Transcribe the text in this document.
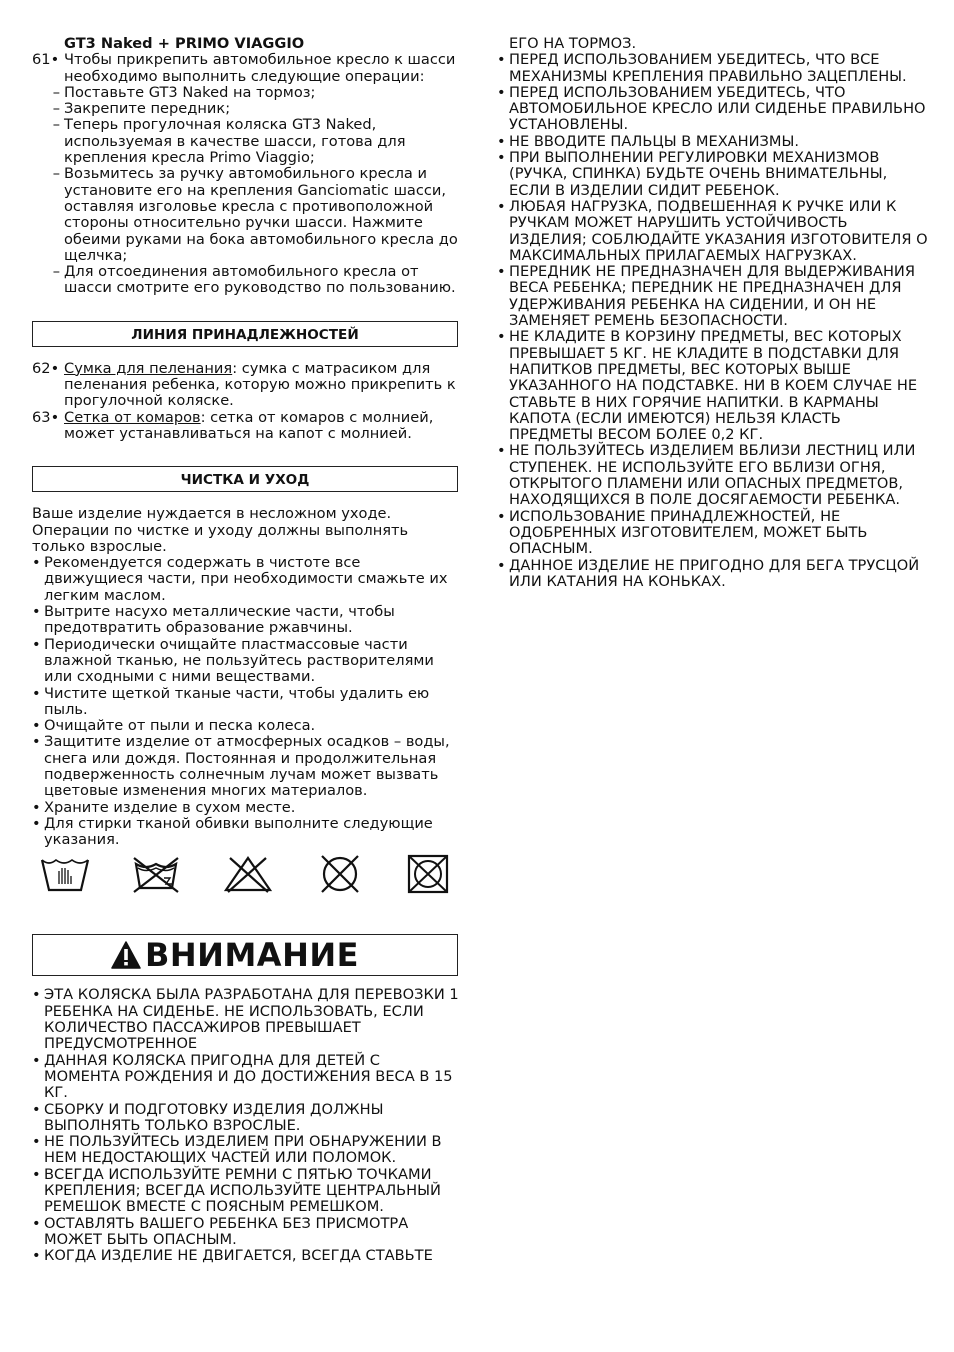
GT3 Naked + PRIMO VIAGGIO

61• Чтобы прикрепить автомобильное кресло к шасси необходимо выполнить следующие операции:
– Поставьте GT3 Naked на тормоз;
– Закрепите передник;
– Теперь прогулочная коляска GT3 Naked, используемая в качестве шасси, готова для крепления кресла Primo Viaggio;
– Возьмитесь за ручку автомобильного кресла и установите его на крепления Ganciomatic шасси, оставляя изголовье кресла с противоположной стороны относительно ручки шасси. Нажмите обеими руками на бока автомобильного кресла до щелчка;
– Для отсоединения автомобильного кресла от шасси смотрите его руководство по пользованию.
ЛИНИЯ ПРИНАДЛЕЖНОСТЕЙ
62• Сумка для пеленания: сумка с матрасиком для пеленания ребенка, которую можно прикрепить к прогулочной коляске.
63• Сетка от комаров: сетка от комаров с молнией, может устанавливаться на капот с молнией.
ЧИСТКА И УХОД

Ваше изделие нуждается в несложном уходе. Операции по чистке и уходу должны выполнять только взрослые.

• Рекомендуется содержать в чистоте все движущиеся части, при необходимости смажьте их легким маслом.
• Вытрите насухо металлические части, чтобы предотвратить образование ржавчины.
• Периодически очищайте пластмассовые части влажной тканью, не пользуйтесь растворителями или сходными с ними веществами.
• Чистите щеткой тканые части, чтобы удалить ею пыль.
• Очищайте от пыли и песка колеса.
• Защитите изделие от атмосферных осадков – воды, снега или дождя. Постоянная и продолжительная подверженность солнечным лучам может вызвать цветовые изменения многих материалов.
• Храните изделие в сухом месте.
• Для стирки тканой обивки выполните следующие указания.
ВНИМАНИЕ
• ЭТА КОЛЯСКА БЫЛА РАЗРАБОТАНА ДЛЯ ПЕРЕВОЗКИ 1 РЕБЕНКА НА СИДЕНЬЕ. НЕ ИСПОЛЬЗОВАТЬ, ЕСЛИ КОЛИЧЕСТВО ПАССАЖИРОВ ПРЕВЫШАЕТ ПРЕДУСМОТРЕННОЕ
• ДАННАЯ КОЛЯСКА ПРИГОДНА ДЛЯ ДЕТЕЙ С МОМЕНТА РОЖДЕНИЯ И ДО ДОСТИЖЕНИЯ ВЕСА В 15 КГ.
• СБОРКУ И ПОДГОТОВКУ ИЗДЕЛИЯ ДОЛЖНЫ ВЫПОЛНЯТЬ ТОЛЬКО ВЗРОСЛЫЕ.
• НЕ ПОЛЬЗУЙТЕСЬ ИЗДЕЛИЕМ ПРИ ОБНАРУЖЕНИИ В НЕМ НЕДОСТАЮЩИХ ЧАСТЕЙ ИЛИ ПОЛОМОК.
• ВСЕГДА ИСПОЛЬЗУЙТЕ РЕМНИ С ПЯТЬЮ ТОЧКАМИ КРЕПЛЕНИЯ; ВСЕГДА ИСПОЛЬЗУЙТЕ ЦЕНТРАЛЬНЫЙ РЕМЕШОК ВМЕСТЕ С ПОЯСНЫМ РЕМЕШКОМ.
• ОСТАВЛЯТЬ ВАШЕГО РЕБЕНКА БЕЗ ПРИСМОТРА МОЖЕТ БЫТЬ ОПАСНЫМ.
• КОГДА ИЗДЕЛИЕ НЕ ДВИГАЕТСЯ, ВСЕГДА СТАВЬТЕ

ЕГО НА ТОРМОЗ.

• ПЕРЕД ИСПОЛЬЗОВАНИЕМ УБЕДИТЕСЬ, ЧТО ВСЕ МЕХАНИЗМЫ КРЕПЛЕНИЯ ПРАВИЛЬНО ЗАЦЕПЛЕНЫ.
• ПЕРЕД ИСПОЛЬЗОВАНИЕМ УБЕДИТЕСЬ, ЧТО АВТОМОБИЛЬНОЕ КРЕСЛО ИЛИ СИДЕНЬЕ ПРАВИЛЬНО УСТАНОВЛЕНЫ.
• НЕ ВВОДИТЕ ПАЛЬЦЫ В МЕХАНИЗМЫ.
• ПРИ ВЫПОЛНЕНИИ РЕГУЛИРОВКИ МЕХАНИЗМОВ (РУЧКА, СПИНКА) БУДЬТЕ ОЧЕНЬ ВНИМАТЕЛЬНЫ, ЕСЛИ В ИЗДЕЛИИ СИДИТ РЕБЕНОК.
• ЛЮБАЯ НАГРУЗКА, ПОДВЕШЕННАЯ К РУЧКЕ ИЛИ К РУЧКАМ МОЖЕТ НАРУШИТЬ УСТОЙЧИВОСТЬ ИЗДЕЛИЯ; СОБЛЮДАЙТЕ УКАЗАНИЯ ИЗГОТОВИТЕЛЯ О МАКСИМАЛЬНЫХ ПРИЛАГАЕМЫХ НАГРУЗКАХ.
• ПЕРЕДНИК НЕ ПРЕДНАЗНАЧЕН ДЛЯ ВЫДЕРЖИВАНИЯ ВЕСА РЕБЕНКА; ПЕРЕДНИК НЕ ПРЕДНАЗНАЧЕН ДЛЯ УДЕРЖИВАНИЯ РЕБЕНКА НА СИДЕНИИ, И ОН НЕ ЗАМЕНЯЕТ РЕМЕНЬ БЕЗОПАСНОСТИ.
• НЕ КЛАДИТЕ В КОРЗИНУ ПРЕДМЕТЫ, ВЕС КОТОРЫХ ПРЕВЫШАЕТ 5 КГ. НЕ КЛАДИТЕ В ПОДСТАВКИ ДЛЯ НАПИТКОВ ПРЕДМЕТЫ, ВЕС КОТОРЫХ ВЫШЕ УКАЗАННОГО НА ПОДСТАВКЕ. НИ В КОЕМ СЛУЧАЕ НЕ СТАВЬТЕ В НИХ ГОРЯЧИЕ НАПИТКИ. В КАРМАНЫ КАПОТА (ЕСЛИ ИМЕЮТСЯ) НЕЛЬЗЯ КЛАСТЬ ПРЕДМЕТЫ ВЕСОМ БОЛЕЕ 0,2 КГ.
• НЕ ПОЛЬЗУЙТЕСЬ ИЗДЕЛИЕМ ВБЛИЗИ ЛЕСТНИЦ ИЛИ СТУПЕНЕК. НЕ ИСПОЛЬЗУЙТЕ ЕГО ВБЛИЗИ ОГНЯ, ОТКРЫТОГО ПЛАМЕНИ ИЛИ ОПАСНЫХ ПРЕДМЕТОВ, НАХОДЯЩИХСЯ В ПОЛЕ ДОСЯГАЕМОСТИ РЕБЕНКА.
• ИСПОЛЬЗОВАНИЕ ПРИНАДЛЕЖНОСТЕЙ, НЕ ОДОБРЕННЫХ ИЗГОТОВИТЕЛЕМ, МОЖЕТ БЫТЬ ОПАСНЫМ.
• ДАННОЕ ИЗДЕЛИЕ НЕ ПРИГОДНО ДЛЯ БЕГА ТРУСЦОЙ ИЛИ КАТАНИЯ НА КОНЬКАХ.
